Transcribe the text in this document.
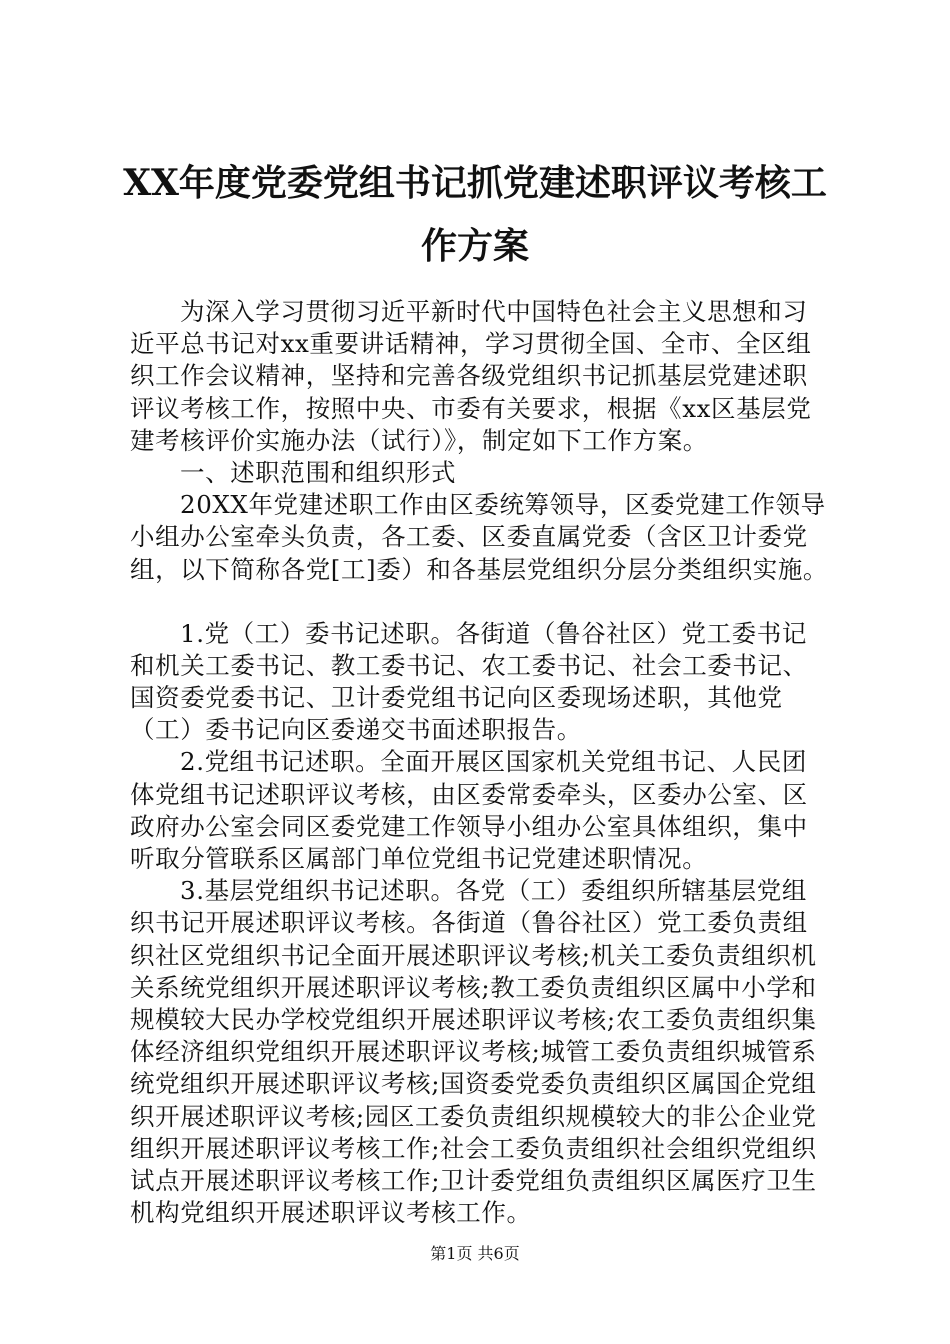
XX年度党委党组书记抓党建述职评议考核工
作方案
为深入学习贯彻习近平新时代中国特色社会主义思想和习
近平总书记对xx重要讲话精神，学习贯彻全国、全市、全区组
织工作会议精神，坚持和完善各级党组织书记抓基层党建述职
评议考核工作，按照中央、市委有关要求，根据《xx区基层党
建考核评价实施办法（试行）》，制定如下工作方案。
一、述职范围和组织形式
20XX年党建述职工作由区委统筹领导，区委党建工作领导
小组办公室牵头负责，各工委、区委直属党委（含区卫计委党
组，以下简称各党[工]委）和各基层党组织分层分类组织实施。
1.党（工）委书记述职。各街道（鲁谷社区）党工委书记
和机关工委书记、教工委书记、农工委书记、社会工委书记、
国资委党委书记、卫计委党组书记向区委现场述职，其他党
（工）委书记向区委递交书面述职报告。
2.党组书记述职。全面开展区国家机关党组书记、人民团
体党组书记述职评议考核，由区委常委牵头，区委办公室、区
政府办公室会同区委党建工作领导小组办公室具体组织，集中
听取分管联系区属部门单位党组书记党建述职情况。
3.基层党组织书记述职。各党（工）委组织所辖基层党组
织书记开展述职评议考核。各街道（鲁谷社区）党工委负责组
织社区党组织书记全面开展述职评议考核;机关工委负责组织机
关系统党组织开展述职评议考核;教工委负责组织区属中小学和
规模较大民办学校党组织开展述职评议考核;农工委负责组织集
体经济组织党组织开展述职评议考核;城管工委负责组织城管系
统党组织开展述职评议考核;国资委党委负责组织区属国企党组
织开展述职评议考核;园区工委负责组织规模较大的非公企业党
组织开展述职评议考核工作;社会工委负责组织社会组织党组织
试点开展述职评议考核工作;卫计委党组负责组织区属医疗卫生
机构党组织开展述职评议考核工作。
第1页 共6页
